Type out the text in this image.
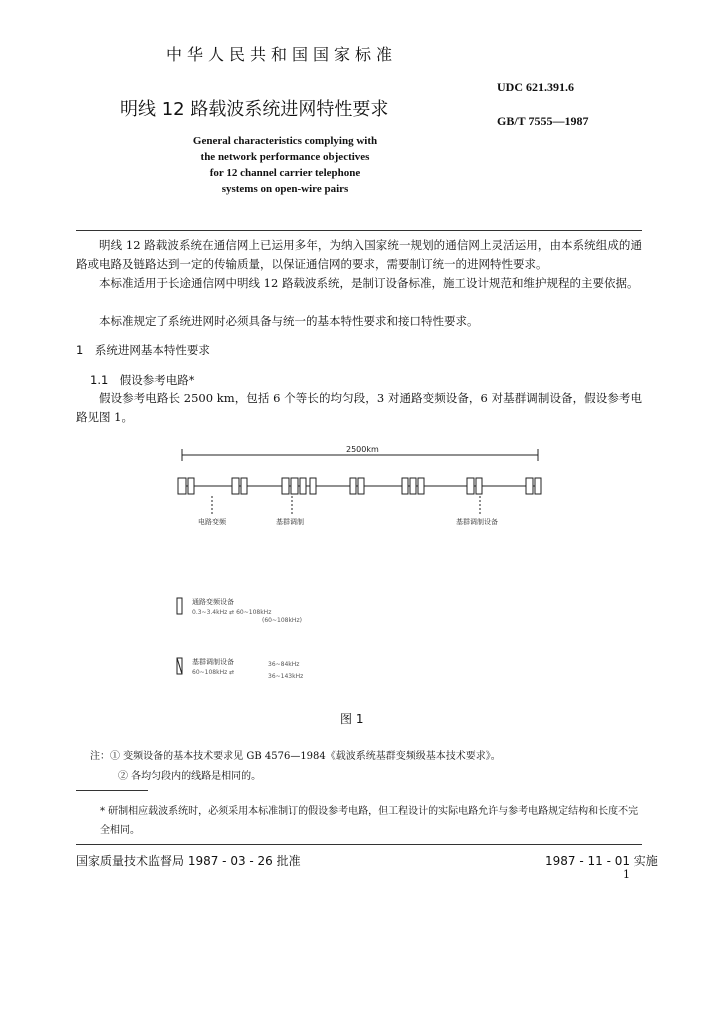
中华人民共和国国家标准
UDC 621.391.6
GB/T 7555—1987
明线 12 路载波系统进网特性要求
General characteristics complying with
the network performance objectives
for 12 channel carrier telephone
systems on open-wire pairs
明线 12 路载波系统在通信网上已运用多年，为纳入国家统一规划的通信网上灵活运用，由本系统组成的通路或电路及链路达到一定的传输质量，以保证通信网的要求，需要制订统一的进网特性要求。
本标准适用于长途通信网中明线 12 路载波系统，是制订设备标准，施工设计规范和维护规程的主要依据。
本标准规定了系统进网时必须具备与统一的基本特性要求和接口特性要求。
1　系统进网基本特性要求
1.1　假设参考电路*
假设参考电路长 2500 km，包括 6 个等长的均匀段，3 对通路变频设备，6 对基群调制设备，假设参考电路见图 1。
2500km
电路变频	基群调制	基群调制设备
通路变频设备
0.3~3.4kHz ⇄ 60~108kHz
(60~108kHz)
基群调制设备
60~108kHz ⇄
36~84kHz
36~143kHz
图 1
注：① 变频设备的基本技术要求见 GB 4576—1984《载波系统基群变频级基本技术要求》。
② 各均匀段内的线路是相同的。
* 研制相应载波系统时，必须采用本标准制订的假设参考电路，但工程设计的实际电路允许与参考电路规定结构和长度不完全相同。
国家质量技术监督局 1987 - 03 - 26 批准	1987 - 11 - 01 实施
1
